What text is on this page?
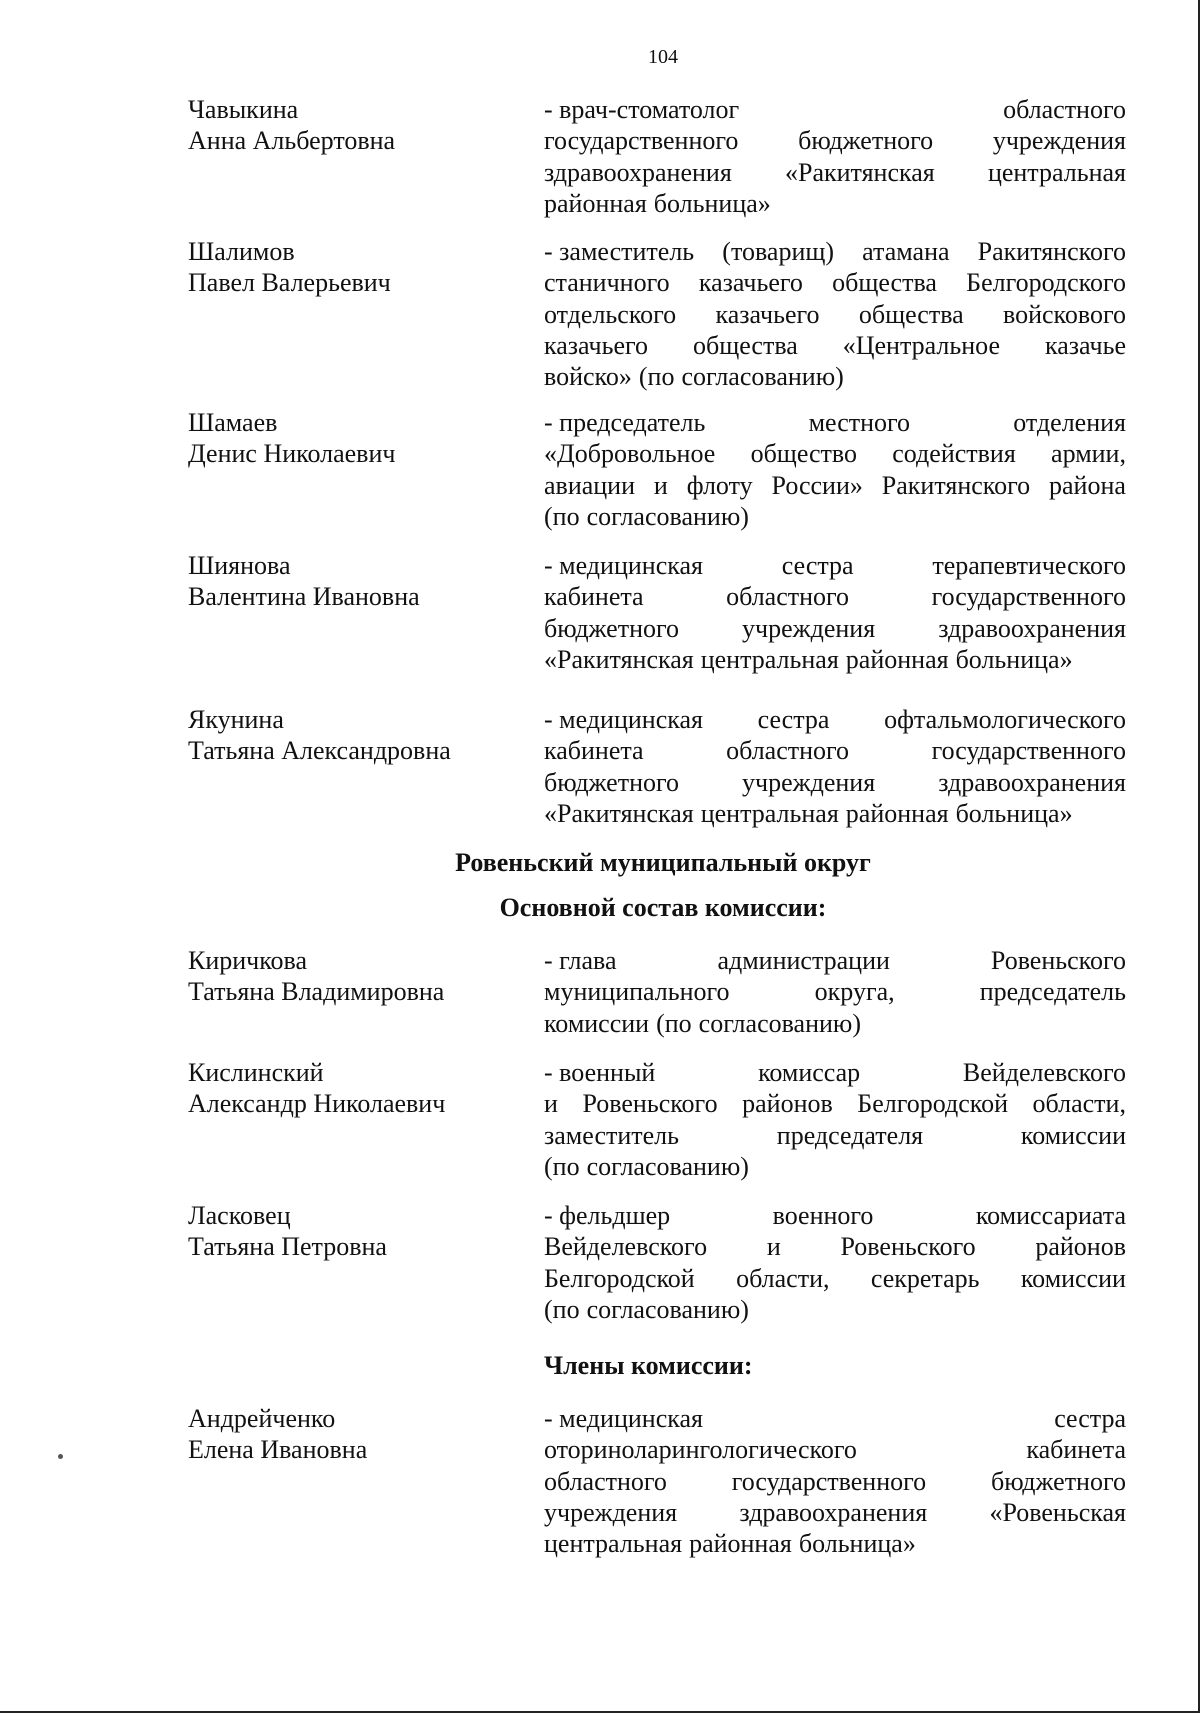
104
Чавыкина
Анна Альбертовна
- врач-стоматолог	областного
государственного бюджетного учреждения
здравоохранения «Ракитянская центральная
районная больница»
Шалимов
Павел Валерьевич
- заместитель (товарищ) атамана Ракитянского
станичного казачьего общества Белгородского
отдельского казачьего общества войскового
казачьего общества «Центральное казачье
войско» (по согласованию)
Шамаев
Денис Николаевич
- председатель	местного	отделения
«Добровольное общество содействия армии,
авиации и флоту России» Ракитянского района
(по согласованию)
Шиянова
Валентина Ивановна
- медицинская	сестра	терапевтического
кабинета	областного	государственного
бюджетного учреждения здравоохранения
«Ракитянская центральная районная больница»
Якунина
Татьяна Александровна
- медицинская сестра офтальмологического
кабинета	областного	государственного
бюджетного учреждения здравоохранения
«Ракитянская центральная районная больница»
Ровеньский муниципальный округ
Основной состав комиссии:
Киричкова
Татьяна Владимировна
- глава	администрации	Ровеньского
муниципального	округа,	председатель
комиссии (по согласованию)
Кислинский
Александр Николаевич
- военный	комиссар	Вейделевского
и Ровеньского районов Белгородской области,
заместитель	председателя	комиссии
(по согласованию)
Ласковец
Татьяна Петровна
- фельдшер	военного	комиссариата
Вейделевского и Ровеньского районов
Белгородской области, секретарь комиссии
(по согласованию)
Члены комиссии:
Андрейченко
Елена Ивановна
- медицинская	сестра
оториноларингологического	кабинета
областного государственного бюджетного
учреждения здравоохранения «Ровеньская
центральная районная больница»
